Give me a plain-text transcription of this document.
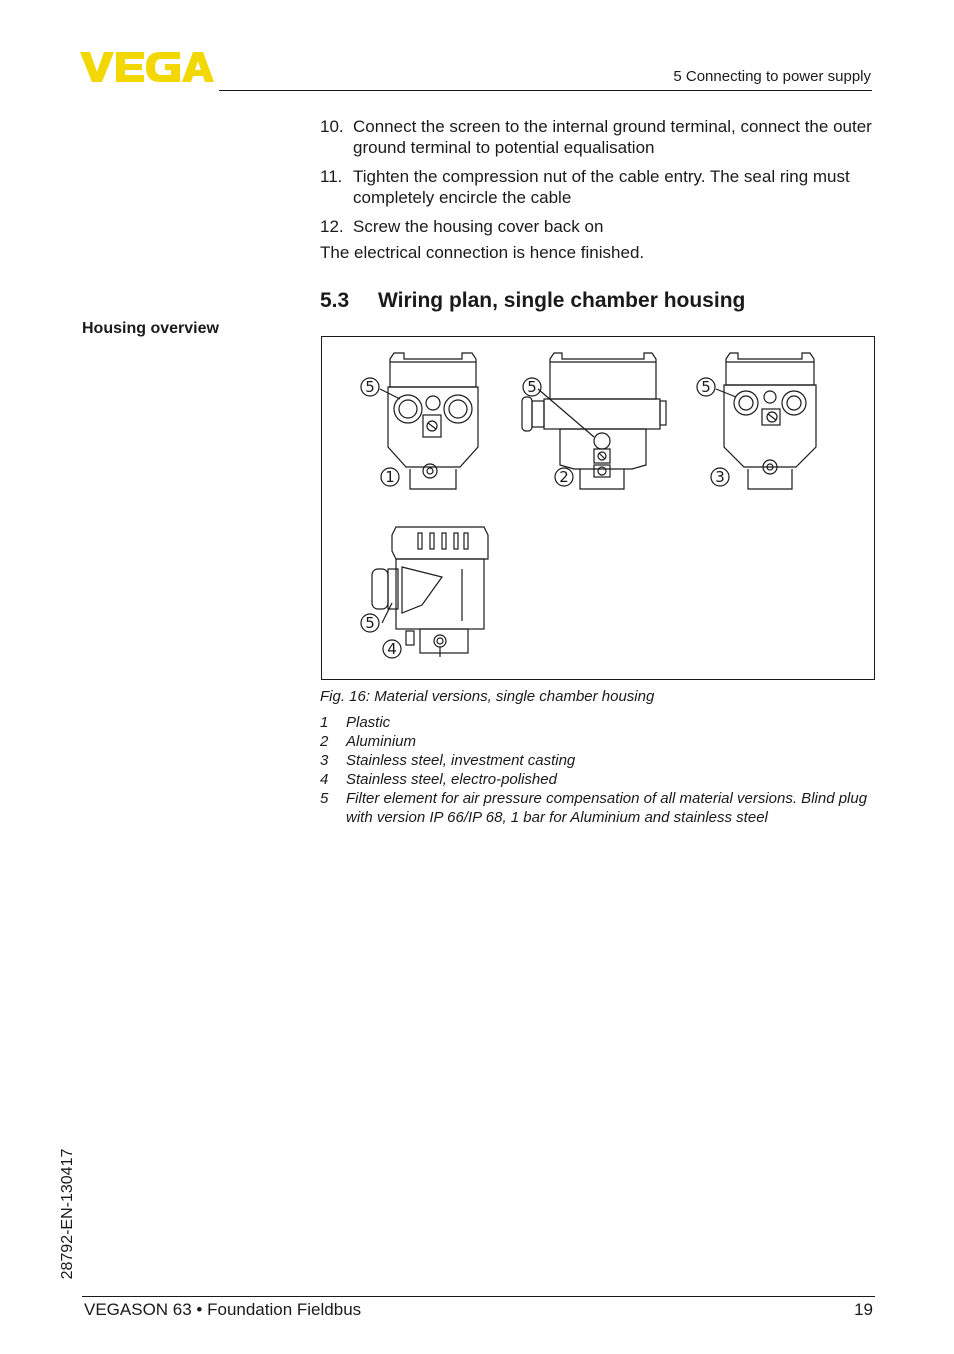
5 Connecting to power supply
10. Connect the screen to the internal ground terminal, connect the outer ground terminal to potential equalisation
11. Tighten the compression nut of the cable entry. The seal ring must completely encircle the cable
12. Screw the housing cover back on
The electrical connection is hence finished.
5.3	Wiring plan, single chamber housing
Housing overview
5
1
5
2
5
3
5
4
Fig. 16: Material versions, single chamber housing
1	Plastic
2	Aluminium
3	Stainless steel, investment casting
4	Stainless steel, electro-polished
5	Filter element for air pressure compensation of all material versions. Blind plug with version IP 66/IP 68, 1 bar for Aluminium and stainless steel
28792-EN-130417
VEGASON 63 • Foundation Fieldbus	19
